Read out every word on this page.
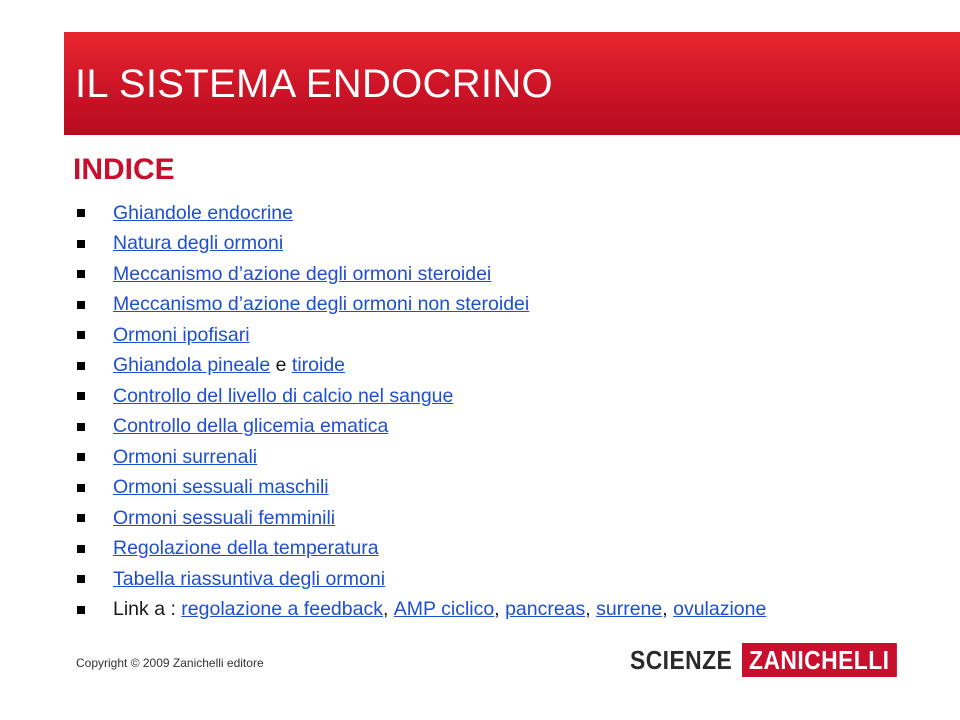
IL SISTEMA ENDOCRINO
INDICE
Ghiandole endocrine
Natura degli ormoni
Meccanismo d’azione degli ormoni steroidei
Meccanismo d’azione degli ormoni non steroidei
Ormoni ipofisari
Ghiandola pineale e tiroide
Controllo del livello di calcio nel sangue
Controllo della glicemia ematica
Ormoni surrenali
Ormoni sessuali maschili
Ormoni sessuali femminili
Regolazione della temperatura
Tabella riassuntiva degli ormoni
Link a : regolazione a feedback , AMP ciclico , pancreas , surrene , ovulazione
Copyright © 2009 Zanichelli editore	SCIENZE ZANICHELLI
